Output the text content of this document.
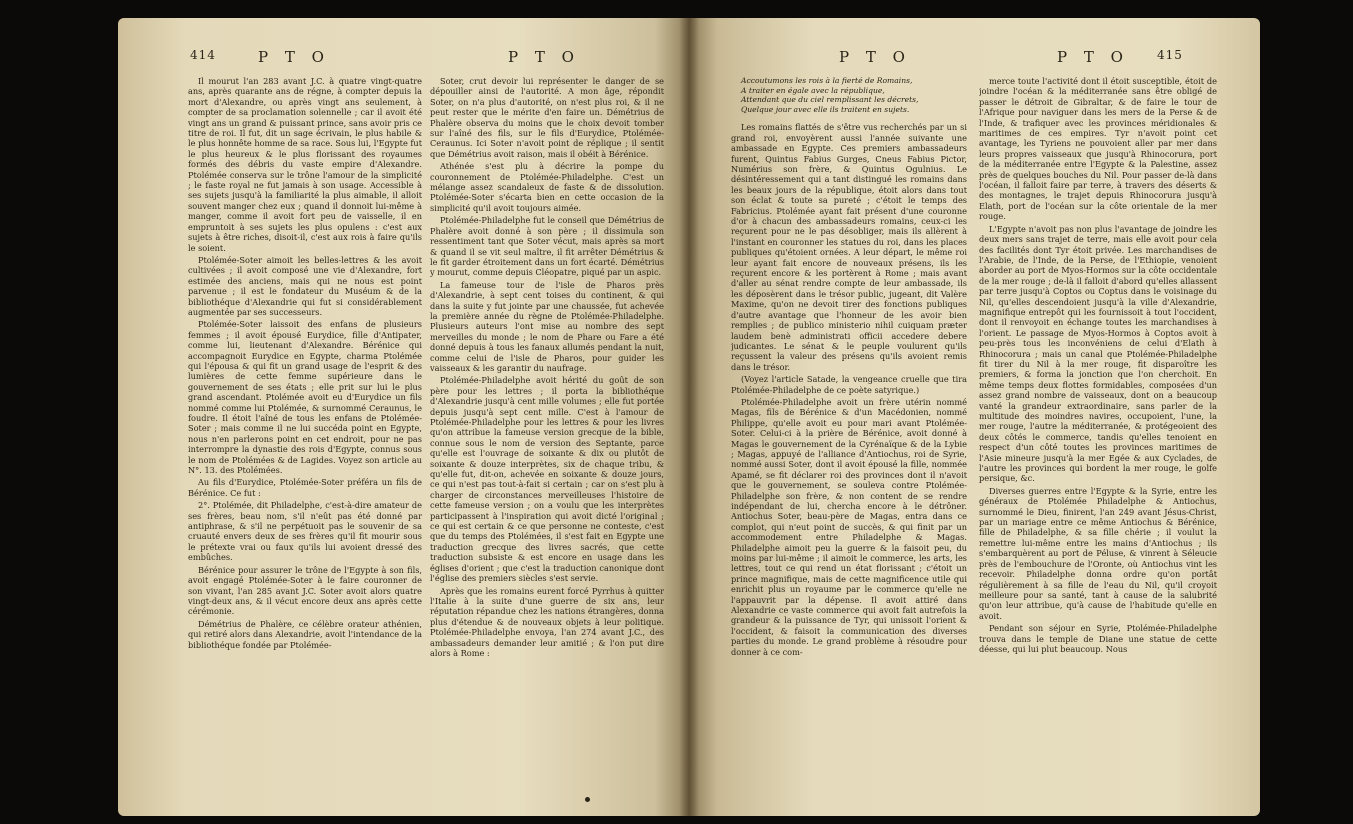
414	P T O	P T O

Il mourut l'an 283 avant J.C. à quatre vingt-quatre ans, après quarante ans de régne, à compter depuis la mort d'Alexandre, ou après vingt ans seulement, à compter de sa proclamation solennelle ; car il avoit été vingt ans un grand & puissant prince, sans avoir pris ce titre de roi. Il fut, dit un sage écrivain, le plus habile & le plus honnête homme de sa race. Sous lui, l'Egypte fut le plus heureux & le plus florissant des royaumes formés des débris du vaste empire d'Alexandre. Ptolémée conserva sur le trône l'amour de la simplicité ; le faste royal ne fut jamais à son usage. Accessible à ses sujets jusqu'à la familiarité la plus aimable, il alloit souvent manger chez eux ; quand il donnoit lui-même à manger, comme il avoit fort peu de vaisselle, il en empruntoit à ses sujets les plus opulens : c'est aux sujets à être riches, disoit-il, c'est aux rois à faire qu'ils le soient.

Ptolémée-Soter aimoit les belles-lettres & les avoit cultivées ; il avoit composé une vie d'Alexandre, fort estimée des anciens, mais qui ne nous est point parvenue ; il est le fondateur du Muséum & de la bibliothéque d'Alexandrie qui fut si considérablement augmentée par ses successeurs.

Ptolémée-Soter laissoit des enfans de plusieurs femmes ; il avoit épousé Eurydice, fille d'Antipater, comme lui, lieutenant d'Alexandre. Bérénice qui accompagnoit Eurydice en Egypte, charma Ptolémée qui l'épousa & qui fit un grand usage de l'esprit & des lumières de cette femme supérieure dans le gouvernement de ses états ; elle prit sur lui le plus grand ascendant. Ptolémée avoit eu d'Eurydice un fils nommé comme lui Ptolémée, & surnommé Ceraunus, le foudre. Il étoit l'aîné de tous les enfans de Ptolémée-Soter ; mais comme il ne lui succéda point en Egypte, nous n'en parlerons point en cet endroit, pour ne pas interrompre la dynastie des rois d'Egypte, connus sous le nom de Ptolémées & de Lagides. Voyez son article au N°. 13. des Ptolémées.

Au fils d'Eurydice, Ptolémée-Soter préféra un fils de Bérénice. Ce fut :

2°. Ptolémée, dit Philadelphe, c'est-à-dire amateur de ses frères, beau nom, s'il n'eût pas été donné par antiphrase, & s'il ne perpétuoit pas le souvenir de sa cruauté envers deux de ses frères qu'il fit mourir sous le prétexte vrai ou faux qu'ils lui avoient dressé des embûches.

Bérénice pour assurer le trône de l'Egypte à son fils, avoit engagé Ptolémée-Soter à le faire couronner de son vivant, l'an 285 avant J.C. Soter avoit alors quatre vingt-deux ans, & il vécut encore deux ans après cette cérémonie.

Démétrius de Phalère, ce célèbre orateur athénien, qui retiré alors dans Alexandrie, avoit l'intendance de la bibliothéque fondée par Ptolémée-

Soter, crut devoir lui représenter le danger de se dépouiller ainsi de l'autorité. A mon âge, répondit Soter, on n'a plus d'autorité, on n'est plus roi, & il ne peut rester que le mérite d'en faire un. Démétrius de Phalère observa du moins que le choix devoit tomber sur l'aîné des fils, sur le fils d'Eurydice, Ptolémée-Ceraunus. Ici Soter n'avoit point de réplique ; il sentit que Démétrius avoit raison, mais il obéit à Bérénice.

Athénée s'est plu à décrire la pompe du couronnement de Ptolémée-Philadelphe. C'est un mélange assez scandaleux de faste & de dissolution. Ptolémée-Soter s'écarta bien en cette occasion de la simplicité qu'il avoit toujours aimée.

Ptolémée-Philadelphe fut le conseil que Démétrius de Phalère avoit donné à son père ; il dissimula son ressentiment tant que Soter vécut, mais après sa mort & quand il se vit seul maître, il fit arrêter Démétrius & le fit garder étroitement dans un fort écarté. Démétrius y mourut, comme depuis Cléopatre, piqué par un aspic.

La fameuse tour de l'isle de Pharos près d'Alexandrie, à sept cent toises du continent, & qui dans la suite y fut jointe par une chaussée, fut achevée la première année du règne de Ptolémée-Philadelphe. Plusieurs auteurs l'ont mise au nombre des sept merveilles du monde ; le nom de Phare ou Fare a été donné depuis à tous les fanaux allumés pendant la nuit, comme celui de l'isle de Pharos, pour guider les vaisseaux & les garantir du naufrage.

Ptolémée-Philadelphe avoit hérité du goût de son père pour les lettres ; il porta la bibliothéque d'Alexandrie jusqu'à cent mille volumes ; elle fut portée depuis jusqu'à sept cent mille. C'est à l'amour de Ptolémée-Philadelphe pour les lettres & pour les livres qu'on attribue la fameuse version grecque de la bible, connue sous le nom de version des Septante, parce qu'elle est l'ouvrage de soixante & dix ou plutôt de soixante & douze interprètes, six de chaque tribu, & qu'elle fut, dit-on, achevée en soixante & douze jours, ce qui n'est pas tout-à-fait si certain ; car on s'est plu à charger de circonstances merveilleuses l'histoire de cette fameuse version ; on a voulu que les interprètes participassent à l'inspiration qui avoit dicté l'original ; ce qui est certain & ce que personne ne conteste, c'est que du temps des Ptolémées, il s'est fait en Egypte une traduction grecque des livres sacrés, que cette traduction subsiste & est encore en usage dans les églises d'orient ; que c'est la traduction canonique dont l'église des premiers siècles s'est servie.

Après que les romains eurent forcé Pyrrhus à quitter l'Italie à la suite d'une guerre de six ans, leur réputation répandue chez les nations étrangères, donna plus d'étendue & de nouveaux objets à leur politique. Ptolémée-Philadelphe envoya, l'an 274 avant J.C., des ambassadeurs demander leur amitié ; & l'on put dire alors à Rome :

P T O	P T O 415
Accoutumons les rois à la fierté de Romains,
A traiter en égale avec la république,
Attendant que du ciel remplissant les décrets,
Quelque jour avec elle ils traitent en sujets.

Les romains flattés de s'être vus recherchés par un si grand roi, envoyèrent aussi l'année suivante une ambassade en Egypte. Ces premiers ambassadeurs furent, Quintus Fabius Gurges, Cneus Fabius Pictor, Numérius son frère, & Quintus Ogulnius. Le désintéressement qui a tant distingué les romains dans les beaux jours de la république, étoit alors dans tout son éclat & toute sa pureté ; c'étoit le temps des Fabricius. Ptolémée ayant fait présent d'une couronne d'or à chacun des ambassadeurs romains, ceux-ci les reçurent pour ne le pas désobliger, mais ils allèrent à l'instant en couronner les statues du roi, dans les places publiques qu'étoient ornées. A leur départ, le même roi leur ayant fait encore de nouveaux présens, ils les reçurent encore & les portèrent à Rome ; mais avant d'aller au sénat rendre compte de leur ambassade, ils les déposèrent dans le trésor public, jugeant, dit Valère Maxime, qu'on ne devoit tirer des fonctions publiques d'autre avantage que l'honneur de les avoir bien remplies ; de publico ministerio nihil cuiquam præter laudem benè administrati officii accedere debere judicantes. Le sénat & le peuple voulurent qu'ils reçussent la valeur des présens qu'ils avoient remis dans le trésor.

(Voyez l'article Satade, la vengeance cruelle que tira Ptolémée-Philadelphe de ce poète satyrique.)

Ptolémée-Philadelphe avoit un frère utérin nommé Magas, fils de Bérénice & d'un Macédonien, nommé Philippe, qu'elle avoit eu pour mari avant Ptolémée-Soter. Celui-ci à la prière de Bérénice, avoit donné à Magas le gouvernement de la Cyrénaïque & de la Lybie ; Magas, appuyé de l'alliance d'Antiochus, roi de Syrie, nommé aussi Soter, dont il avoit épousé la fille, nommée Apamé, se fit déclarer roi des provinces dont il n'avoit que le gouvernement, se souleva contre Ptolémée-Philadelphe son frère, & non content de se rendre indépendant de lui, chercha encore à le détrôner. Antiochus Soter, beau-père de Magas, entra dans ce complot, qui n'eut point de succès, & qui finit par un accommodement entre Philadelphe & Magas. Philadelphe aimoit peu la guerre & la faisoit peu, du moins par lui-même ; il aimoit le commerce, les arts, les lettres, tout ce qui rend un état florissant ; c'étoit un prince magnifique, mais de cette magnificence utile qui enrichit plus un royaume par le commerce qu'elle ne l'appauvrit par la dépense. Il avoit attiré dans Alexandrie ce vaste commerce qui avoit fait autrefois la grandeur & la puissance de Tyr, qui unissoit l'orient & l'occident, & faisoit la communication des diverses parties du monde. Le grand problème à résoudre pour donner à ce com-

merce toute l'activité dont il étoit susceptible, étoit de joindre l'océan & la méditerranée sans être obligé de passer le détroit de Gibraltar, & de faire le tour de l'Afrique pour naviguer dans les mers de la Perse & de l'Inde, & trafiquer avec les provinces méridionales & maritimes de ces empires. Tyr n'avoit point cet avantage, les Tyriens ne pouvoient aller par mer dans leurs propres vaisseaux que jusqu'à Rhinocorura, port de la méditerranée entre l'Egypte & la Palestine, assez près de quelques bouches du Nil. Pour passer de-là dans l'océan, il falloit faire par terre, à travers des déserts & des montagnes, le trajet depuis Rhinocorura jusqu'à Elath, port de l'océan sur la côte orientale de la mer rouge.

L'Egypte n'avoit pas non plus l'avantage de joindre les deux mers sans trajet de terre, mais elle avoit pour cela des facilités dont Tyr étoit privée. Les marchandises de l'Arabie, de l'Inde, de la Perse, de l'Ethiopie, venoient aborder au port de Myos-Hormos sur la côte occidentale de la mer rouge ; de-là il falloit d'abord qu'elles allassent par terre jusqu'à Coptos ou Coptus dans le voisinage du Nil, qu'elles descendoient jusqu'à la ville d'Alexandrie, magnifique entrepôt qui les fournissoit à tout l'occident, dont il renvoyoit en échange toutes les marchandises à l'orient. Le passage de Myos-Hormos à Coptos avoit à peu-près tous les inconvéniens de celui d'Elath à Rhinocorura ; mais un canal que Ptolémée-Philadelphe fit tirer du Nil à la mer rouge, fit disparoître les premiers, & forma la jonction que l'on cherchoit. En même temps deux flottes formidables, composées d'un assez grand nombre de vaisseaux, dont on a beaucoup vanté la grandeur extraordinaire, sans parler de la multitude des moindres navires, occupoient, l'une, la mer rouge, l'autre la méditerranée, & protégeoient des deux côtés le commerce, tandis qu'elles tenoient en respect d'un côté toutes les provinces maritimes de l'Asie mineure jusqu'à la mer Egée & aux Cyclades, de l'autre les provinces qui bordent la mer rouge, le golfe persique, &c.

Diverses guerres entre l'Egypte & la Syrie, entre les généraux de Ptolémée Philadelphe & Antiochus, surnommé le Dieu, finirent, l'an 249 avant Jésus-Christ, par un mariage entre ce même Antiochus & Bérénice, fille de Philadelphe, & sa fille chérie ; il voulut la remettre lui-même entre les mains d'Antiochus ; ils s'embarquèrent au port de Péluse, & vinrent à Séleucie près de l'embouchure de l'Oronte, où Antiochus vint les recevoir. Philadelphe donna ordre qu'on portât régulièrement à sa fille de l'eau du Nil, qu'il croyoit meilleure pour sa santé, tant à cause de la salubrité qu'on leur attribue, qu'à cause de l'habitude qu'elle en avoit.

Pendant son séjour en Syrie, Ptolémée-Philadelphe trouva dans le temple de Diane une statue de cette déesse, qui lui plut beaucoup. Nous
